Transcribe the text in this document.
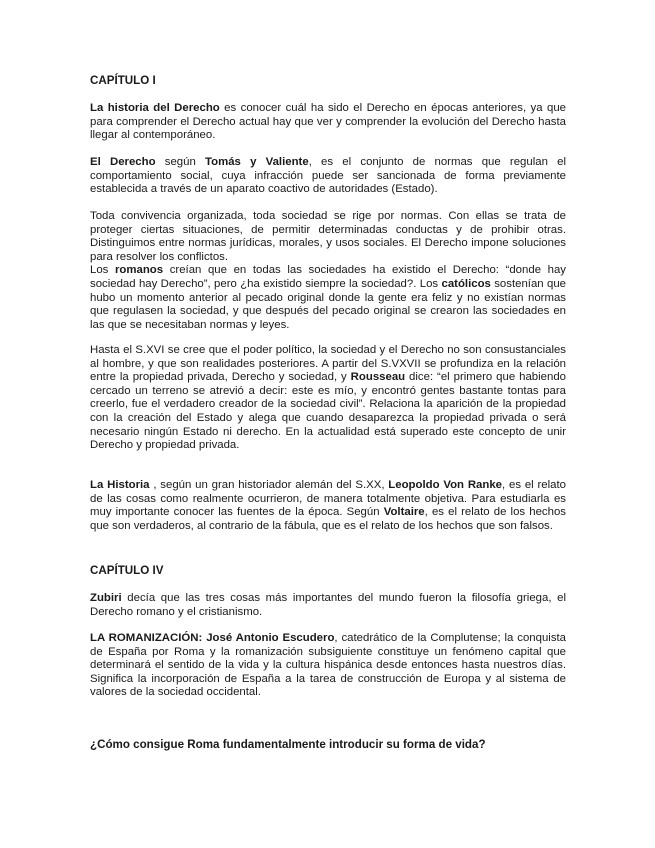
CAPÍTULO I

La historia del Derecho es conocer cuál ha sido el Derecho en épocas anteriores, ya que para comprender el Derecho actual hay que ver y comprender la evolución del Derecho hasta llegar al contemporáneo.

El Derecho según Tomás y Valiente, es el conjunto de normas que regulan el comportamiento social, cuya infracción puede ser sancionada de forma previamente establecida a través de un aparato coactivo de autoridades (Estado).

Toda convivencia organizada, toda sociedad se rige por normas. Con ellas se trata de proteger ciertas situaciones, de permitir determinadas conductas y de prohibir otras. Distinguimos entre normas jurídicas, morales, y usos sociales. El Derecho impone soluciones para resolver los conflictos.
Los romanos creían que en todas las sociedades ha existido el Derecho: “donde hay sociedad hay Derecho”, pero ¿ha existido siempre la sociedad?. Los católicos sostenían que hubo un momento anterior al pecado original donde la gente era feliz y no existían normas que regulasen la sociedad, y que después del pecado original se crearon las sociedades en las que se necesitaban normas y leyes.

Hasta el S.XVI se cree que el poder político, la sociedad y el Derecho no son consustanciales al hombre, y que son realidades posteriores. A partir del S.VXVII se profundiza en la relación entre la propiedad privada, Derecho y sociedad, y Rousseau dice: “el primero que habiendo cercado un terreno se atrevió a decir: este es mío, y encontró gentes bastante tontas para creerlo, fue el verdadero creador de la sociedad civil”. Relaciona la aparición de la propiedad con la creación del Estado y alega que cuando desaparezca la propiedad privada o será necesario ningún Estado ni derecho. En la actualidad está superado este concepto de unir Derecho y propiedad privada.

La Historia , según un gran historiador alemán del S.XX, Leopoldo Von Ranke, es el relato de las cosas como realmente ocurrieron, de manera totalmente objetiva. Para estudiarla es muy importante conocer las fuentes de la época. Según Voltaire, es el relato de los hechos que son verdaderos, al contrario de la fábula, que es el relato de los hechos que son falsos.

CAPÍTULO IV

Zubiri decía que las tres cosas más importantes del mundo fueron la filosofía griega, el Derecho romano y el cristianismo.

LA ROMANIZACIÓN: José Antonio Escudero, catedrático de la Complutense; la conquista de España por Roma y la romanización subsiguiente constituye un fenómeno capital que determinará el sentido de la vida y la cultura hispánica desde entonces hasta nuestros días. Significa la incorporación de España a la tarea de construcción de Europa y al sistema de valores de la sociedad occidental.

¿Cómo consigue Roma fundamentalmente introducir su forma de vida?
